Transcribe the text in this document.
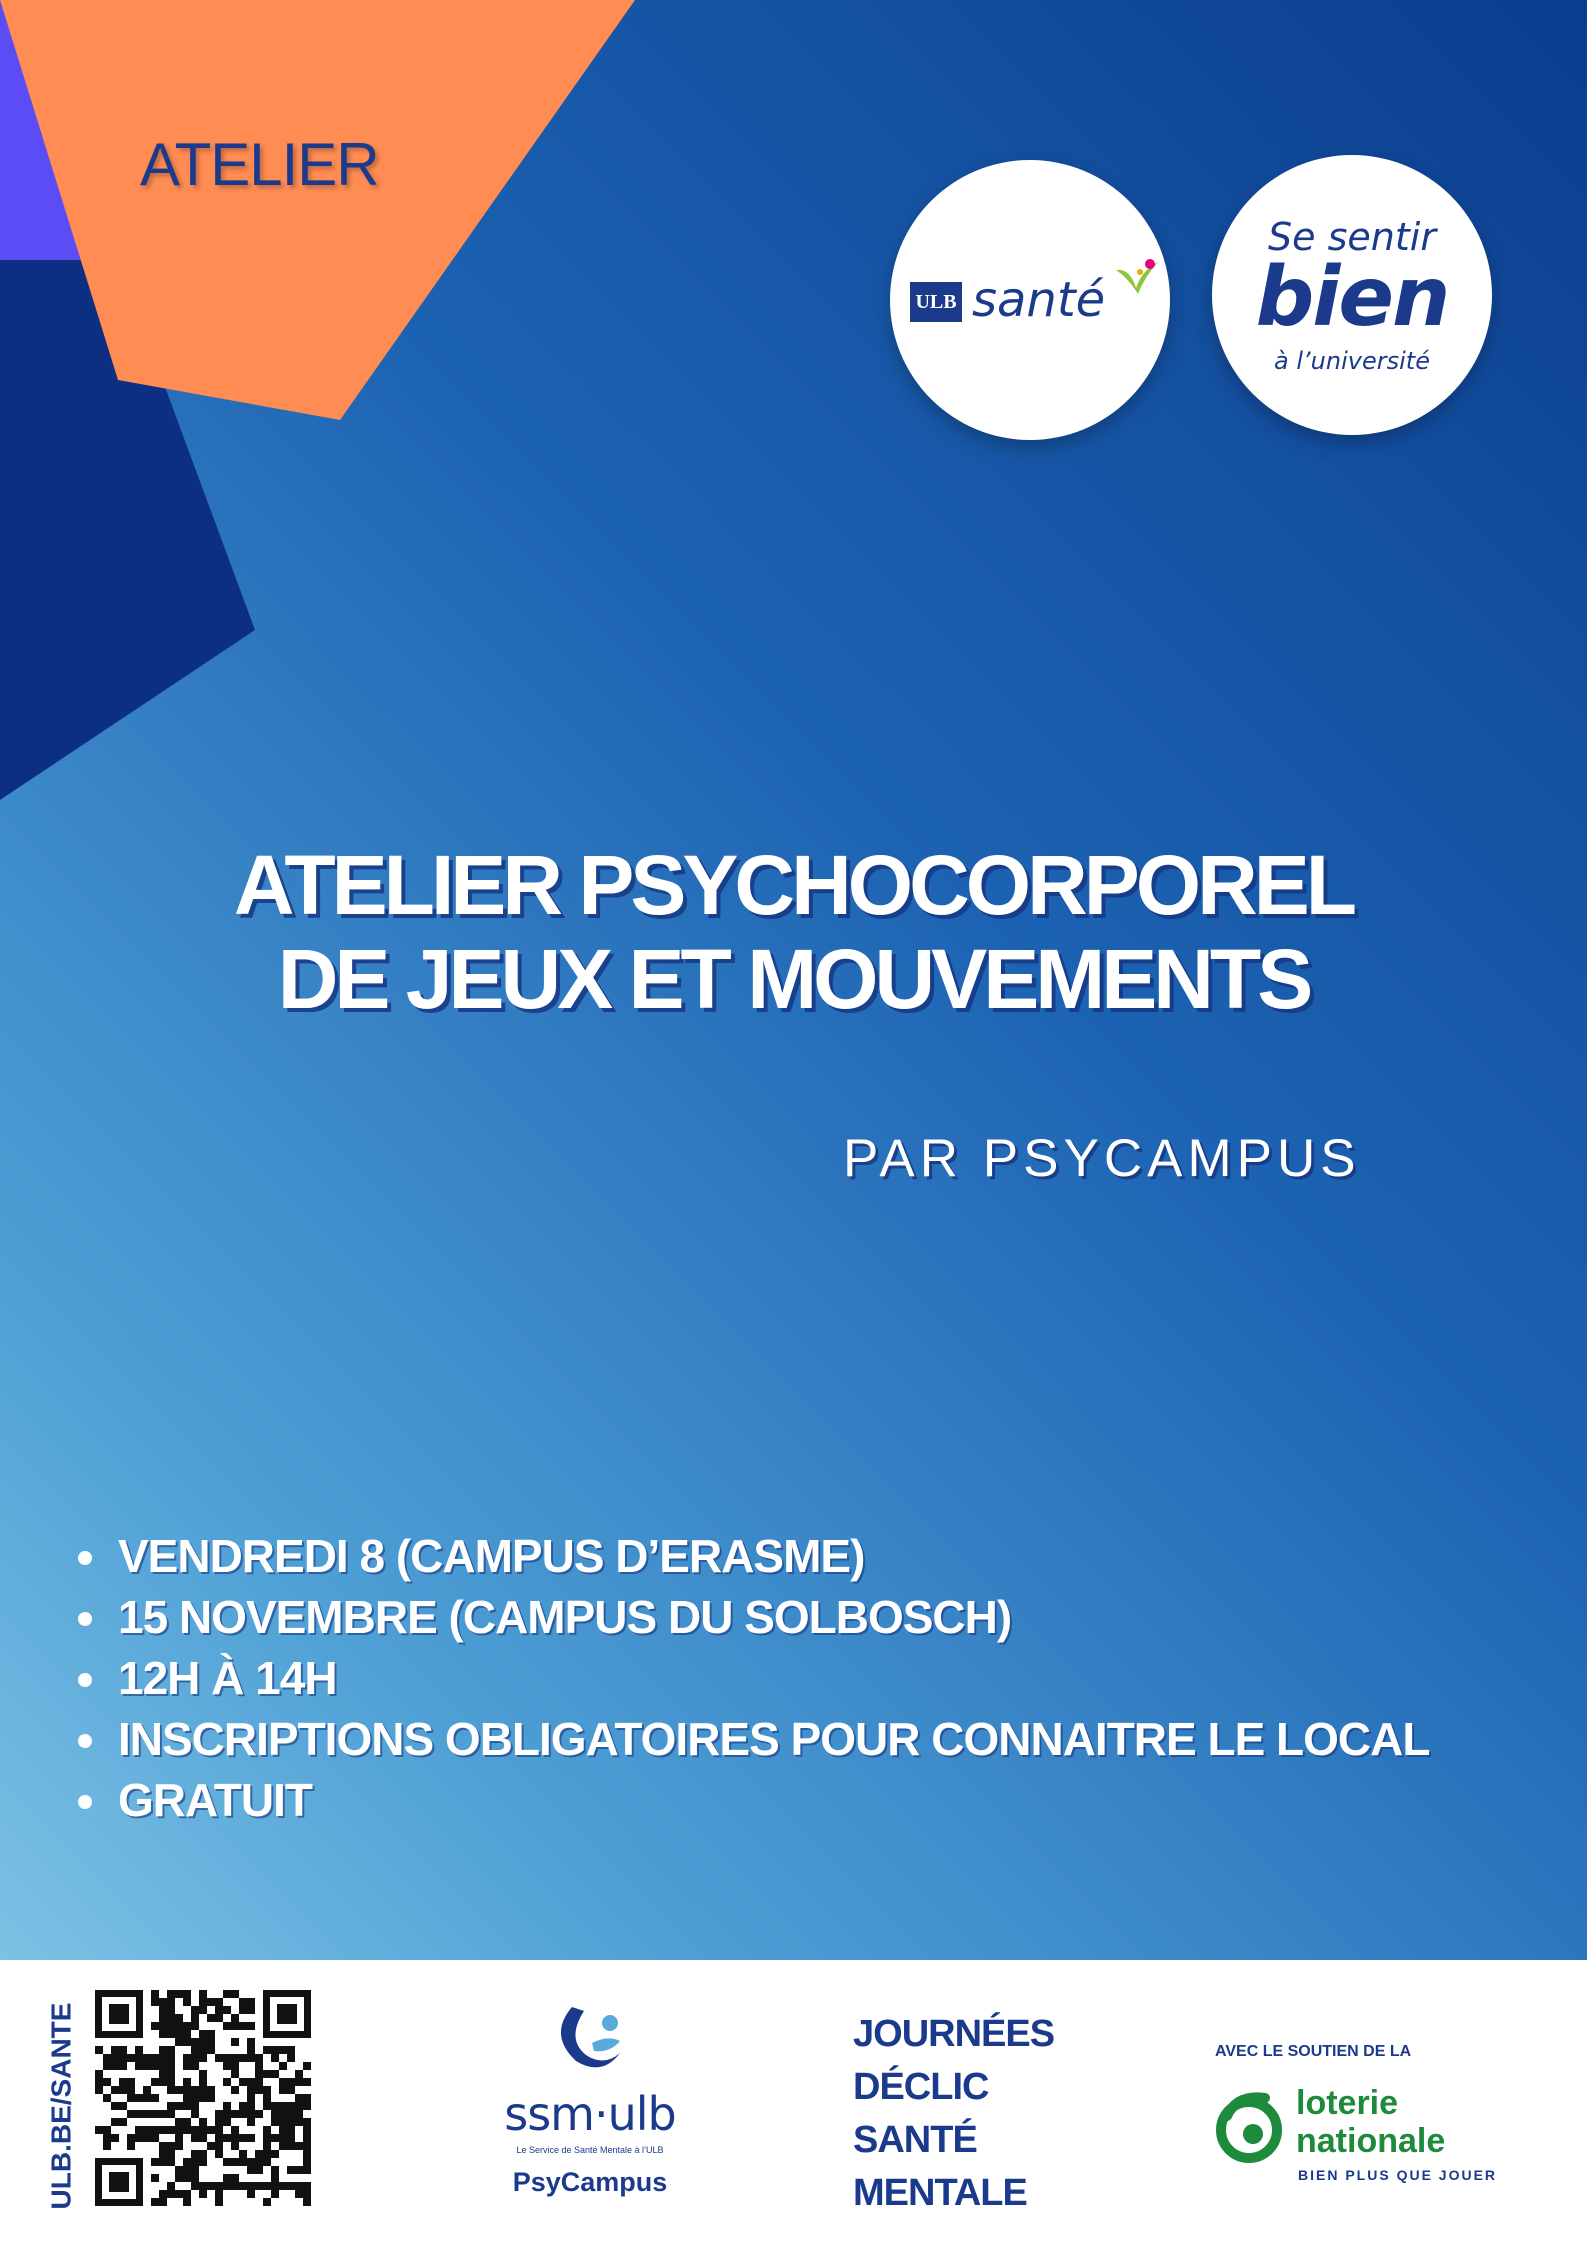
ATELIER
ULB santé
Se sentir
bien
à l’université
ATELIER PSYCHOCORPOREL
DE JEUX ET MOUVEMENTS
PAR PSYCAMPUS
VENDREDI 8 (CAMPUS D’ERASME)
15 NOVEMBRE (CAMPUS DU SOLBOSCH)
12H À 14H
INSCRIPTIONS OBLIGATOIRES POUR CONNAITRE LE LOCAL
GRATUIT
ULB.BE/SANTE	ssm·ulb
Le Service de Santé Mentale à l’ULB
PsyCampus
JOURNÉES
DÉCLIC
SANTÉ
MENTALE
AVEC LE SOUTIEN DE LA
loterie
nationale
BIEN PLUS QUE JOUER
